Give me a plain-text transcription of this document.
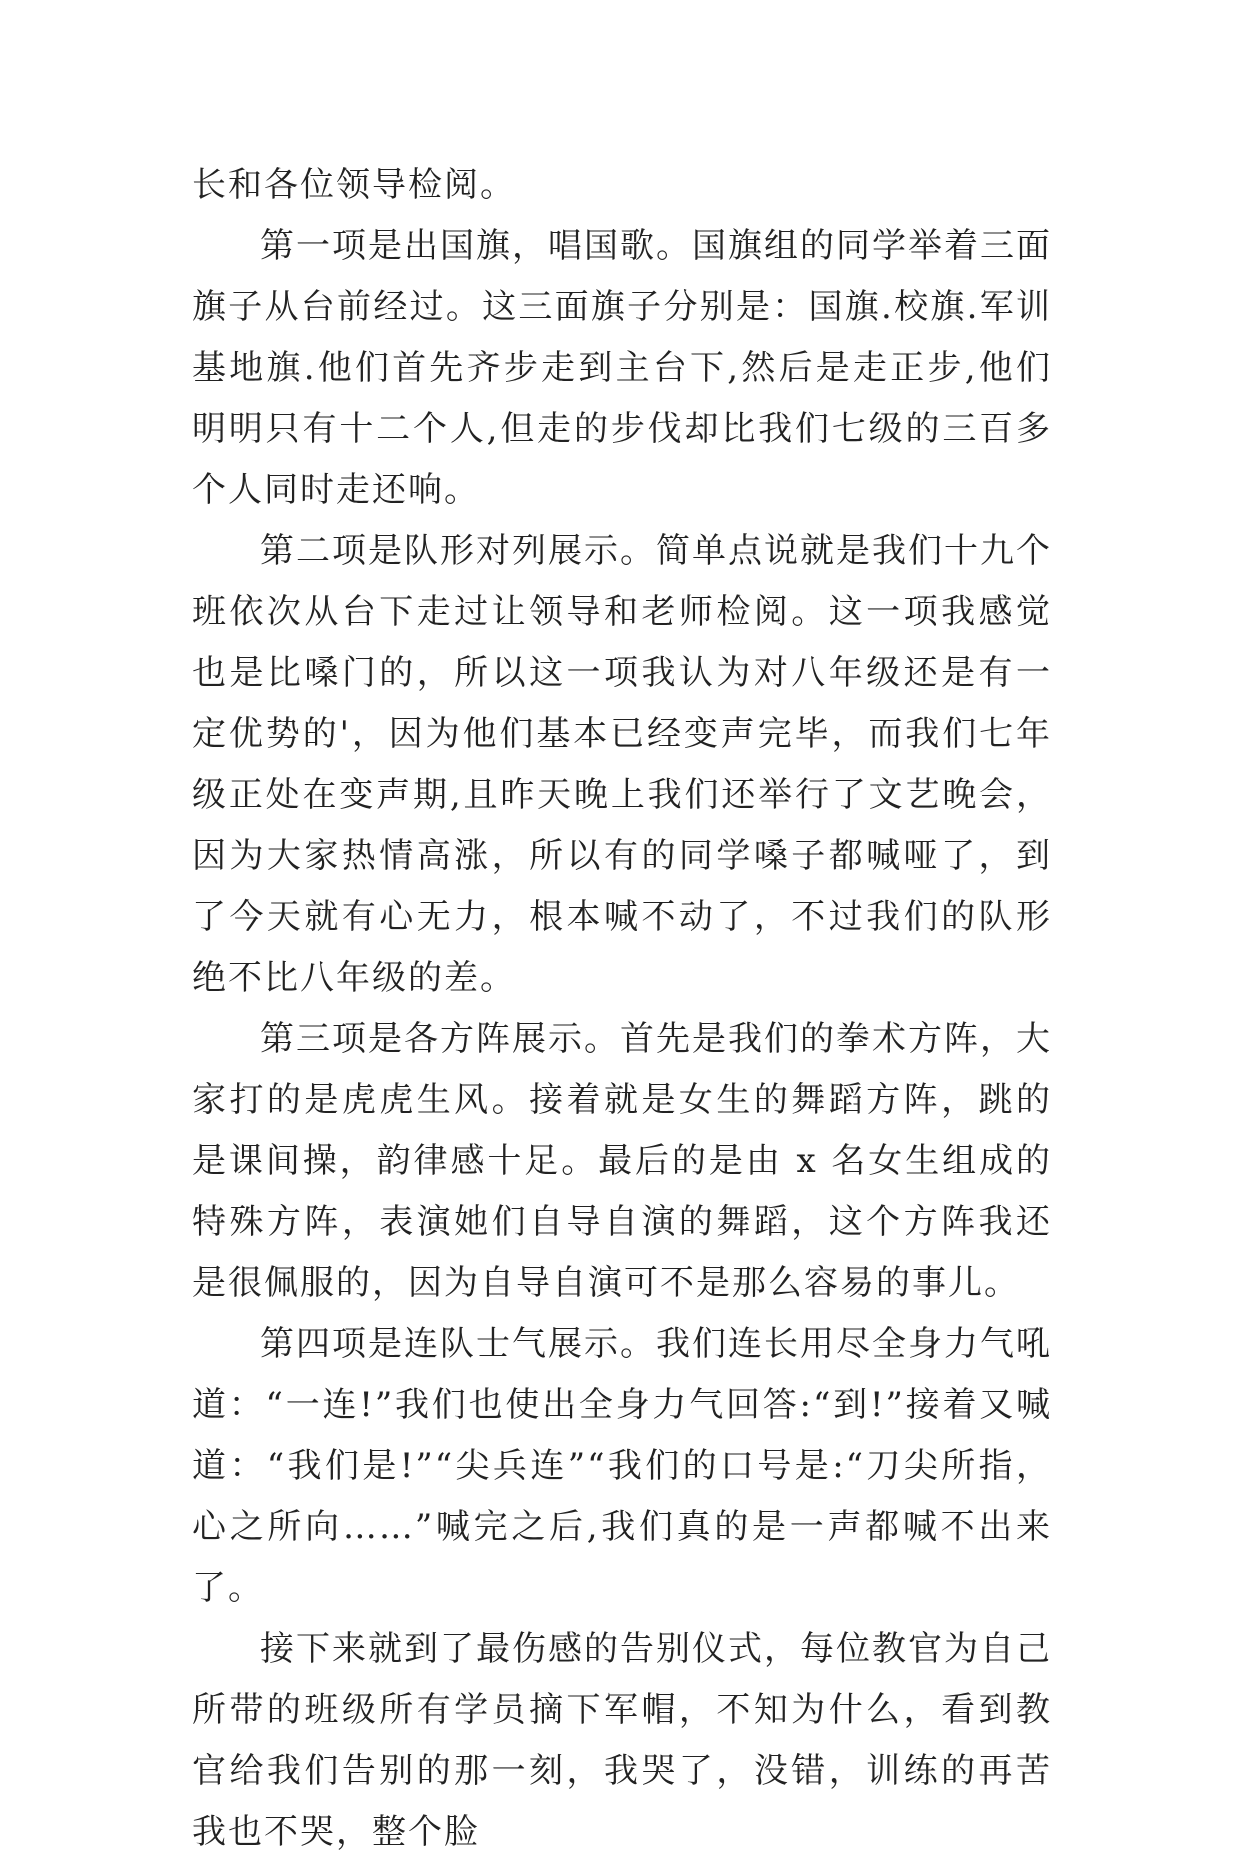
长和各位领导检阅。

第一项是出国旗，唱国歌。国旗组的同学举着三面旗子从台前经过。这三面旗子分别是：国旗.校旗.军训基地旗.他们首先齐步走到主台下,然后是走正步,他们明明只有十二个人,但走的步伐却比我们七级的三百多个人同时走还响。

第二项是队形对列展示。简单点说就是我们十九个班依次从台下走过让领导和老师检阅。这一项我感觉也是比嗓门的，所以这一项我认为对八年级还是有一定优势的'，因为他们基本已经变声完毕，而我们七年级正处在变声期,且昨天晚上我们还举行了文艺晚会，因为大家热情高涨，所以有的同学嗓子都喊哑了，到了今天就有心无力，根本喊不动了，不过我们的队形绝不比八年级的差。

第三项是各方阵展示。首先是我们的拳术方阵，大家打的是虎虎生风。接着就是女生的舞蹈方阵，跳的是课间操，韵律感十足。最后的是由 x 名女生组成的特殊方阵，表演她们自导自演的舞蹈，这个方阵我还是很佩服的，因为自导自演可不是那么容易的事儿。

第四项是连队士气展示。我们连长用尽全身力气吼道：“一连!”我们也使出全身力气回答:“到!”接着又喊道：“我们是!”“尖兵连”“我们的口号是:“刀尖所指，心之所向……”喊完之后,我们真的是一声都喊不出来了。

接下来就到了最伤感的告别仪式，每位教官为自己所带的班级所有学员摘下军帽，不知为什么，看到教官给我们告别的那一刻，我哭了，没错，训练的再苦我也不哭，整个脸
